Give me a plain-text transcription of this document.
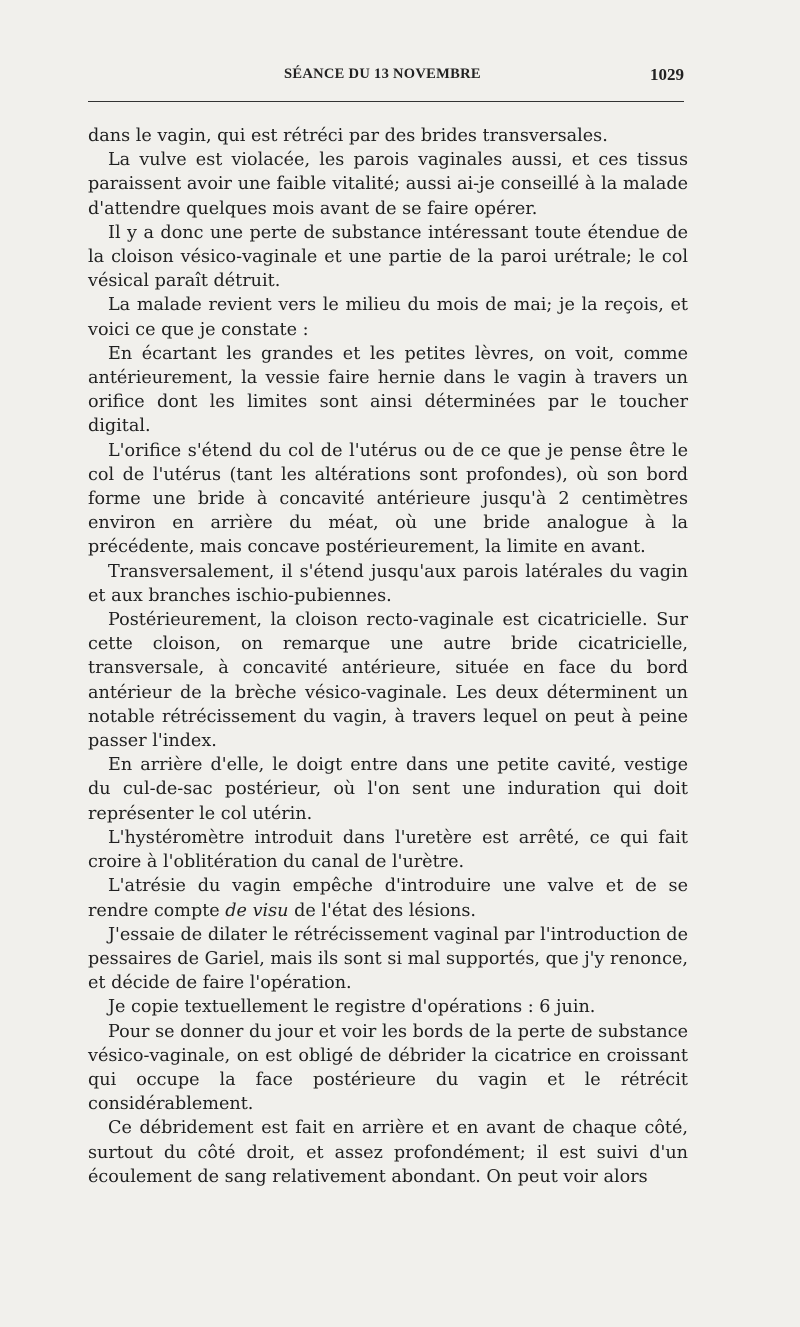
SÉANCE DU 13 NOVEMBRE	1029

dans le vagin, qui est rétréci par des brides transversales.

La vulve est violacée, les parois vaginales aussi, et ces tissus paraissent avoir une faible vitalité; aussi ai-je conseillé à la malade d'attendre quelques mois avant de se faire opérer.

Il y a donc une perte de substance intéressant toute étendue de la cloison vésico-vaginale et une partie de la paroi urétrale; le col vésical paraît détruit.

La malade revient vers le milieu du mois de mai; je la reçois, et voici ce que je constate :

En écartant les grandes et les petites lèvres, on voit, comme antérieurement, la vessie faire hernie dans le vagin à travers un orifice dont les limites sont ainsi déterminées par le toucher digital.

L'orifice s'étend du col de l'utérus ou de ce que je pense être le col de l'utérus (tant les altérations sont profondes), où son bord forme une bride à concavité antérieure jusqu'à 2 centimètres environ en arrière du méat, où une bride analogue à la précédente, mais concave postérieurement, la limite en avant.

Transversalement, il s'étend jusqu'aux parois latérales du vagin et aux branches ischio-pubiennes.

Postérieurement, la cloison recto-vaginale est cicatricielle. Sur cette cloison, on remarque une autre bride cicatricielle, transversale, à concavité antérieure, située en face du bord antérieur de la brèche vésico-vaginale. Les deux déterminent un notable rétrécissement du vagin, à travers lequel on peut à peine passer l'index.

En arrière d'elle, le doigt entre dans une petite cavité, vestige du cul-de-sac postérieur, où l'on sent une induration qui doit représenter le col utérin.

L'hystéromètre introduit dans l'uretère est arrêté, ce qui fait croire à l'oblitération du canal de l'urètre.

L'atrésie du vagin empêche d'introduire une valve et de se rendre compte de visu de l'état des lésions.

J'essaie de dilater le rétrécissement vaginal par l'introduction de pessaires de Gariel, mais ils sont si mal supportés, que j'y renonce, et décide de faire l'opération.

Je copie textuellement le registre d'opérations : 6 juin.

Pour se donner du jour et voir les bords de la perte de substance vésico-vaginale, on est obligé de débrider la cicatrice en croissant qui occupe la face postérieure du vagin et le rétrécit considérablement.

Ce débridement est fait en arrière et en avant de chaque côté, surtout du côté droit, et assez profondément; il est suivi d'un écoulement de sang relativement abondant. On peut voir alors
